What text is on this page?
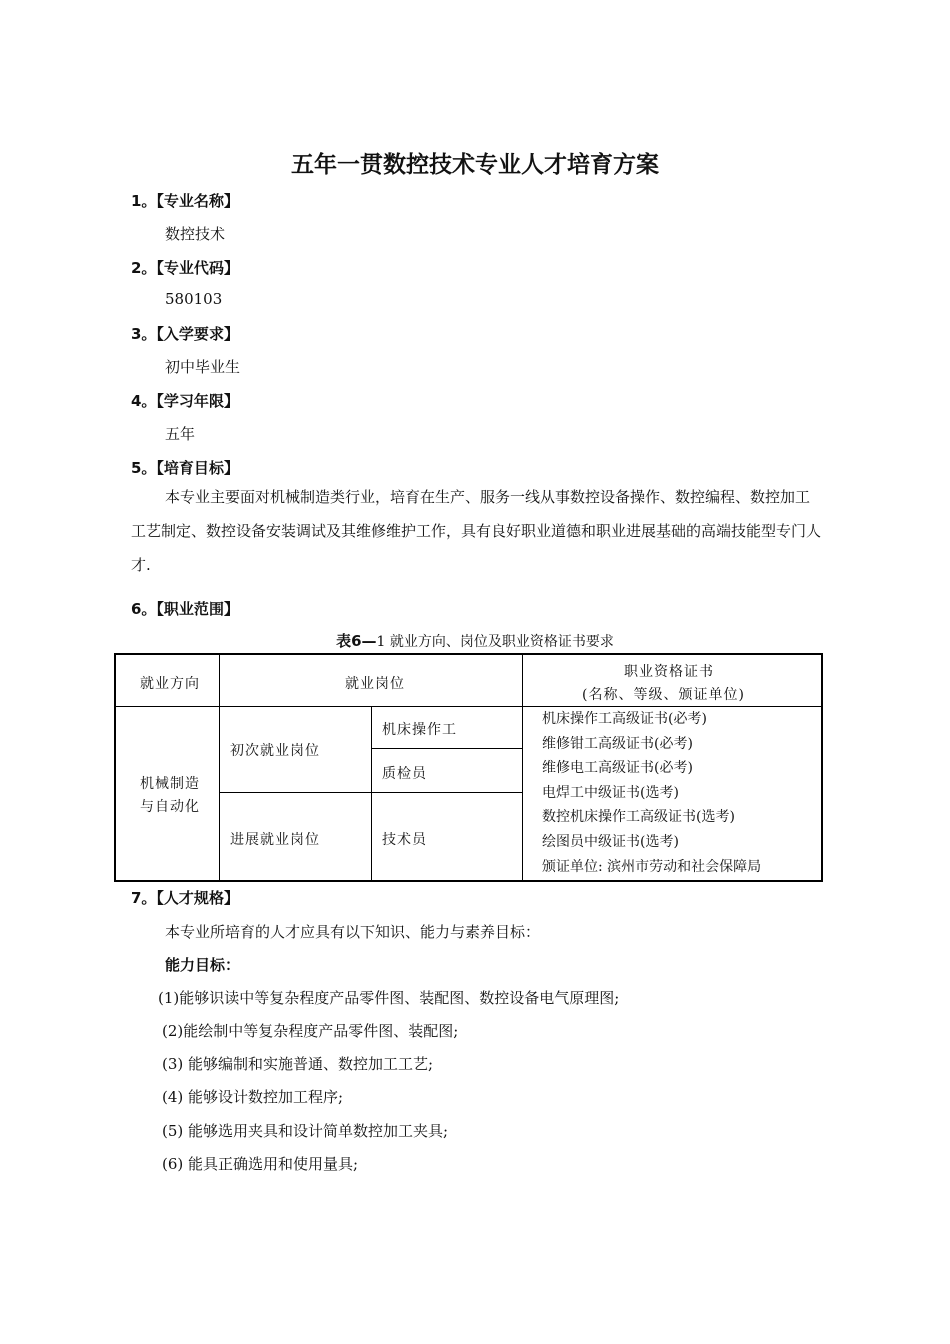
五年一贯数控技术专业人才培育方案
1。【专业名称】
数控技术
2。【专业代码】
580103
3。【入学要求】
初中毕业生
4。【学习年限】
五年
5。【培育目标】
本专业主要面对机械制造类行业，培育在生产、服务一线从事数控设备操作、数控编程、数控加工工艺制定、数控设备安装调试及其维修维护工作，具有良好职业道德和职业进展基础的高端技能型专门人才.
6。【职业范围】
表6—1 就业方向、岗位及职业资格证书要求
就业方向	就业岗位
职业资格证书
(名称、等级、颁证单位)
机械制造
与自动化
初次就业岗位
机床操作工
质检员
进展就业岗位	技术员
机床操作工高级证书(必考)
维修钳工高级证书(必考)
维修电工高级证书(必考)
电焊工中级证书(选考)
数控机床操作工高级证书(选考)
绘图员中级证书(选考)
颁证单位: 滨州市劳动和社会保障局
7。【人才规格】
本专业所培育的人才应具有以下知识、能力与素养目标：
能力目标：
(1)能够识读中等复杂程度产品零件图、装配图、数控设备电气原理图;
(2)能绘制中等复杂程度产品零件图、装配图;
(3) 能够编制和实施普通、数控加工工艺;
(4) 能够设计数控加工程序;
(5) 能够选用夹具和设计简单数控加工夹具;
(6) 能具正确选用和使用量具;
